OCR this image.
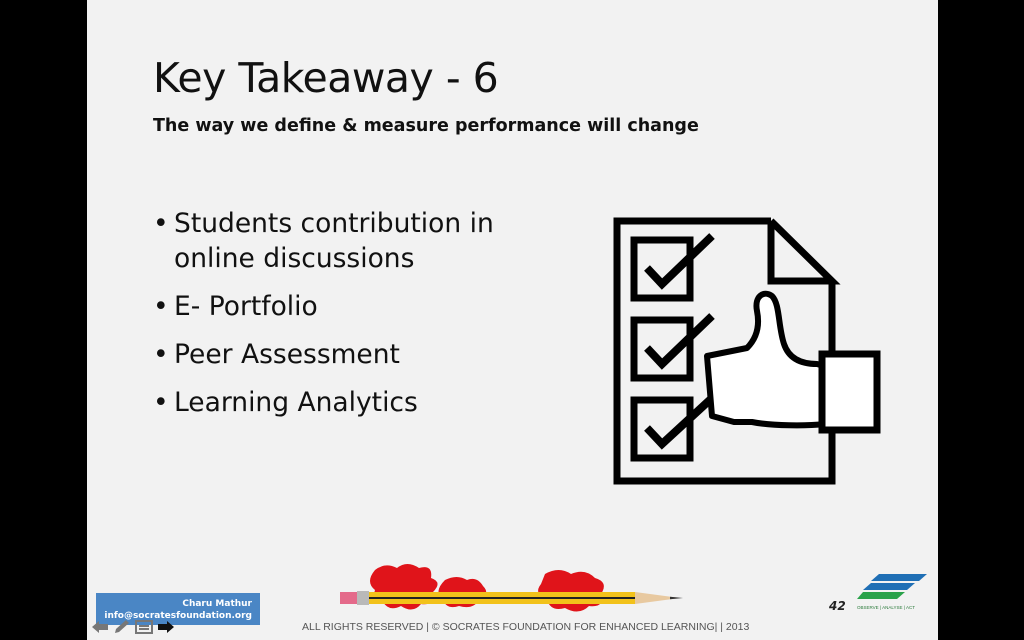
Key Takeaway - 6
The way we define & measure performance will change
• Students contribution in online discussions
• E- Portfolio
• Peer Assessment
• Learning Analytics
42	OBSERVE | ANALYSE | ACT
ALL RIGHTS RESERVED | © SOCRATES FOUNDATION FOR ENHANCED LEARNING| | 2013
Charu Mathur
info@socratesfoundation.org
